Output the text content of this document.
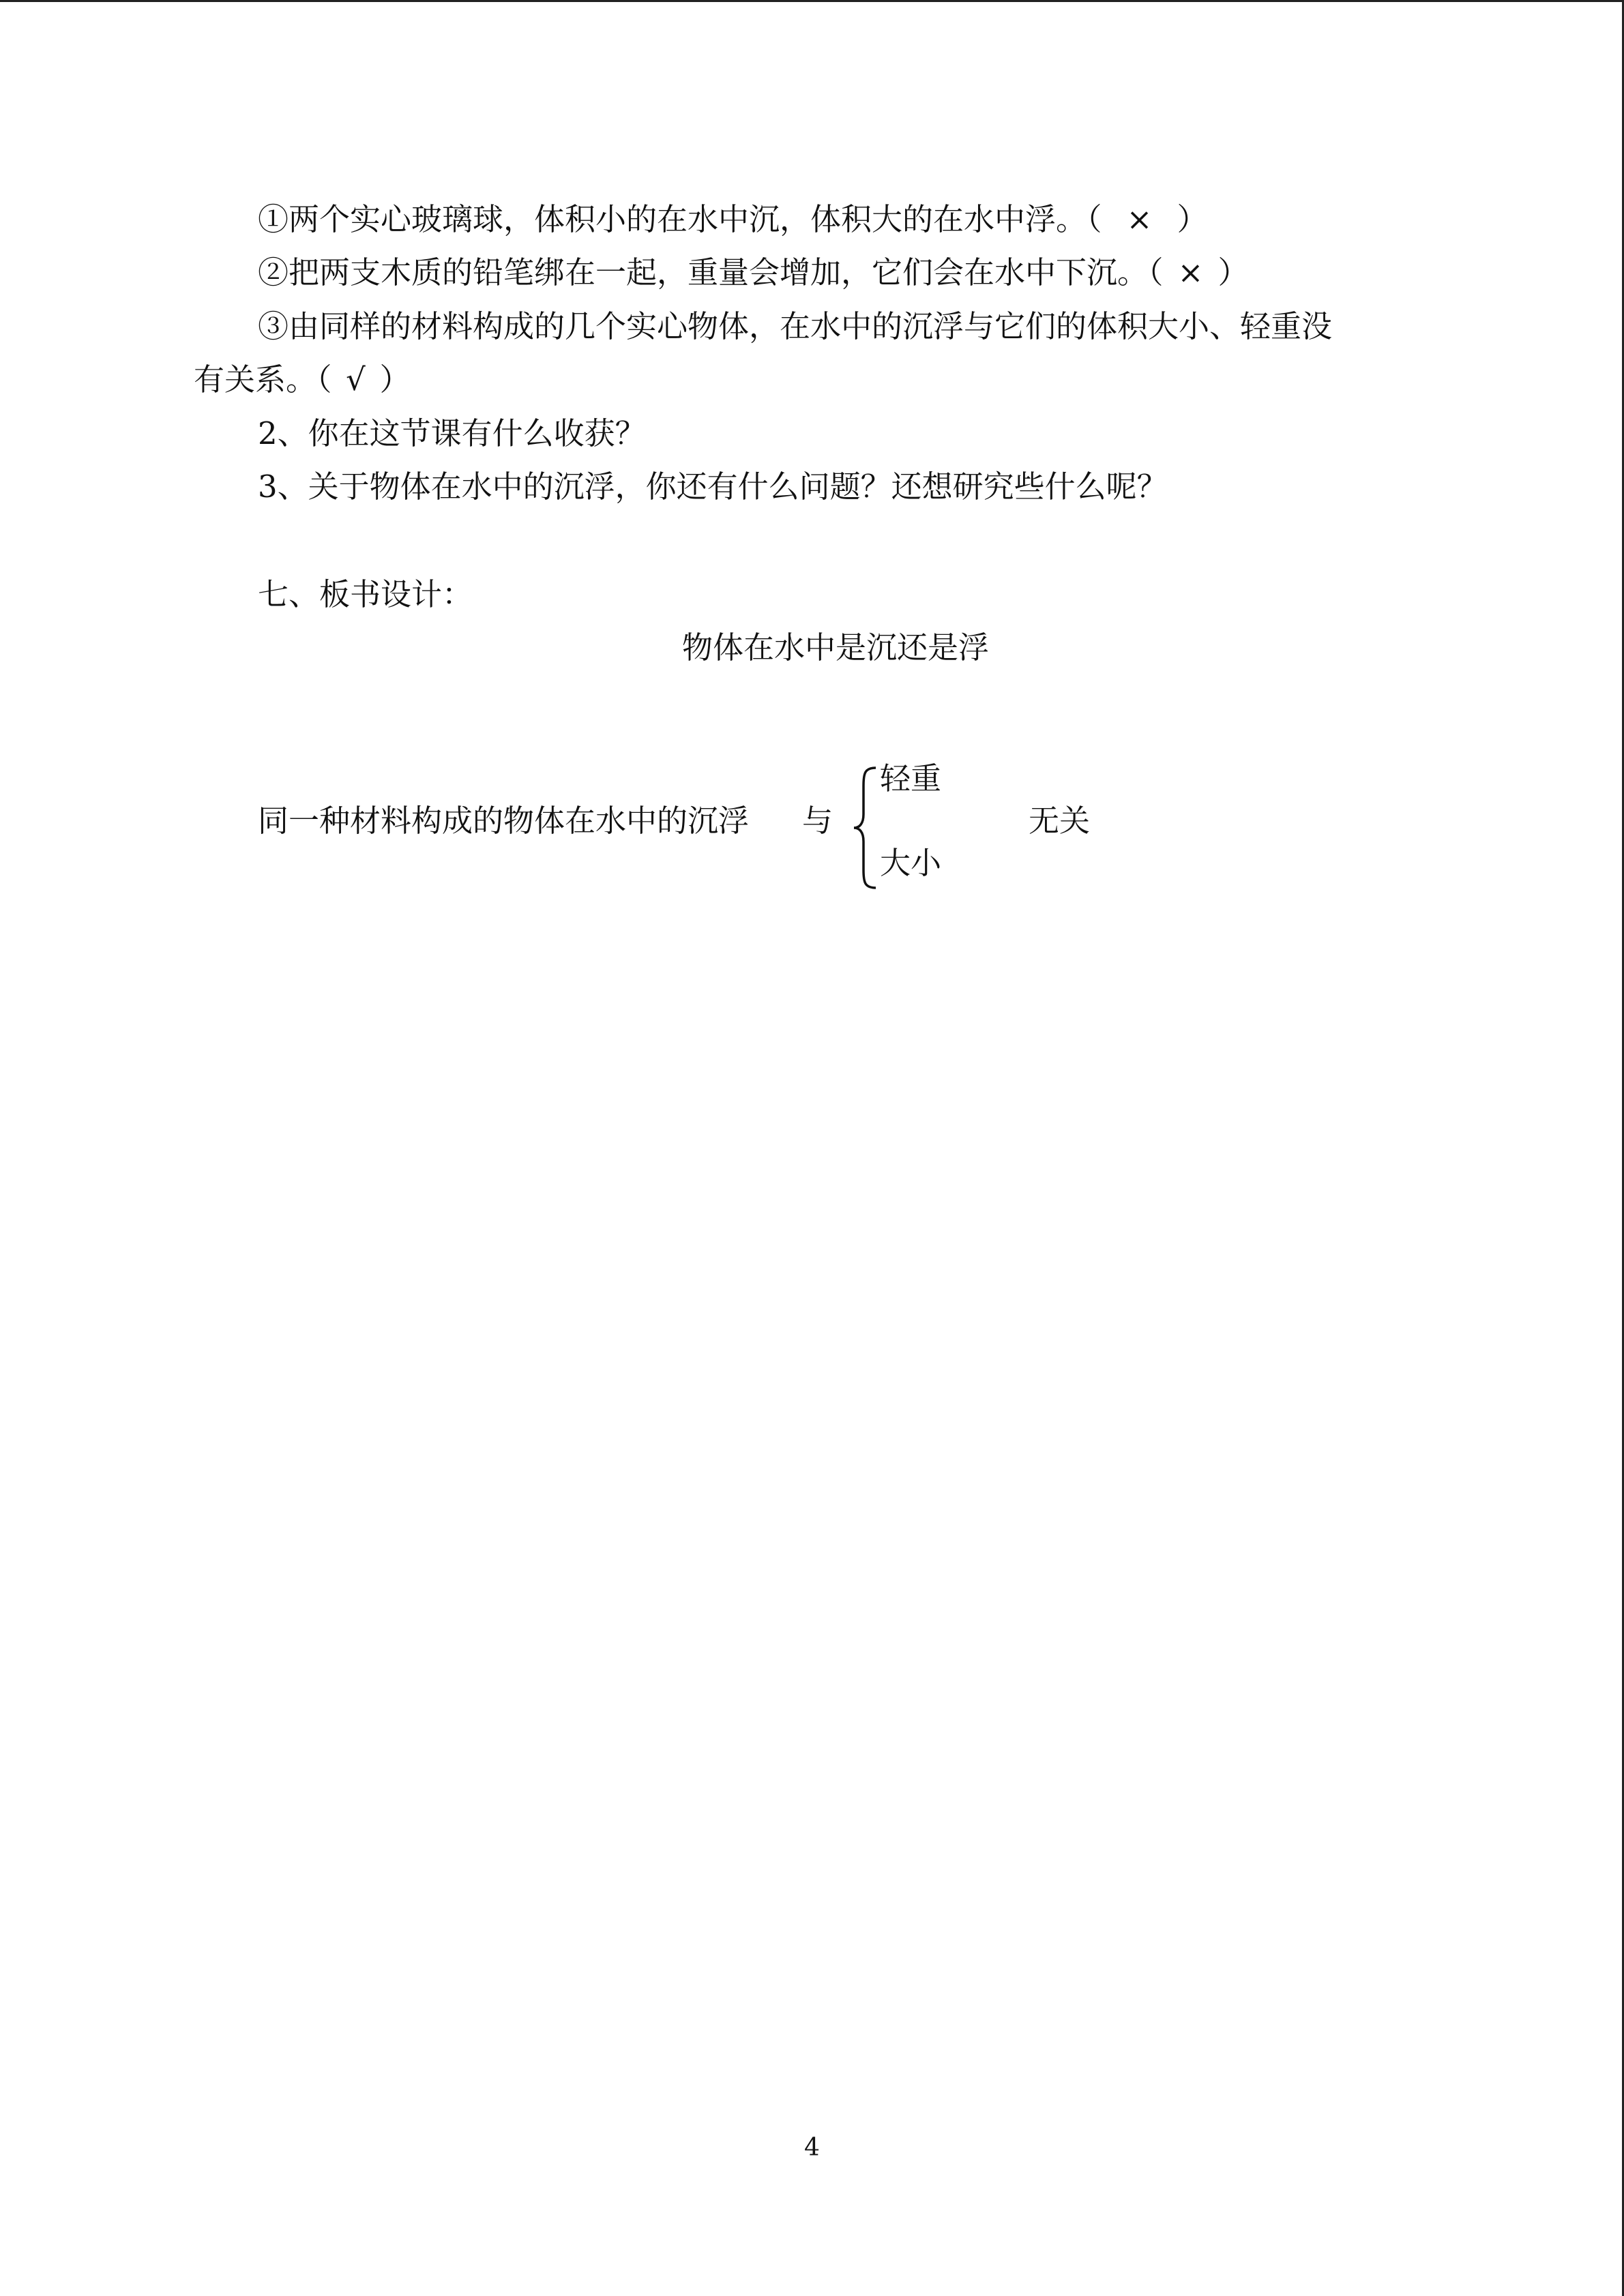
①两个实心玻璃球，体积小的在水中沉，体积大的在水中浮。（ × ）
②把两支木质的铅笔绑在一起，重量会增加，它们会在水中下沉。（ × ）
③由同样的材料构成的几个实心物体，在水中的沉浮与它们的体积大小、轻重没
有关系。（ √ ）
2、你在这节课有什么收获？
3、关于物体在水中的沉浮，你还有什么问题？还想研究些什么呢？
七、板书设计：
物体在水中是沉还是浮
同一种材料构成的物体在水中的沉浮 与
轻重
大小
无关
4
